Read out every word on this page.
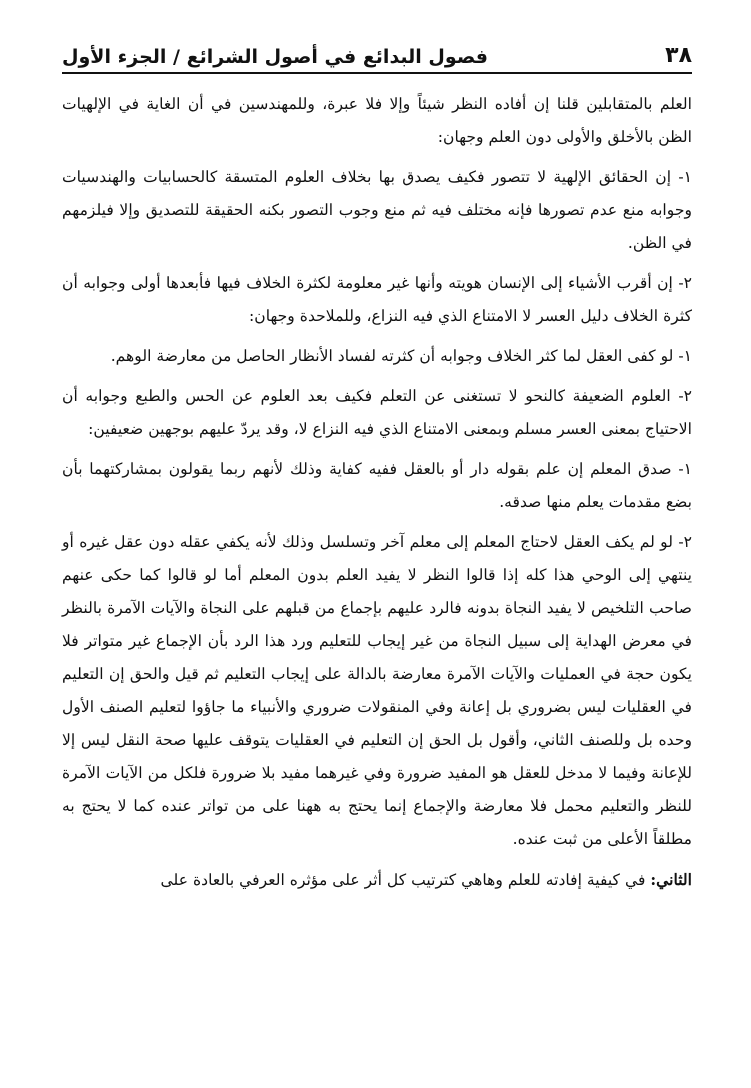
٣٨
فصول البدائع في أصول الشرائع / الجزء الأول

العلم بالمتقابلين قلنا إن أفاده النظر شيئاً وإلا فلا عبرة، وللمهندسين في أن الغاية في الإلهيات الظن بالأخلق والأولى دون العلم وجهان:

١- إن الحقائق الإلهية لا تتصور فكيف يصدق بها بخلاف العلوم المتسقة كالحسابيات والهندسيات وجوابه منع عدم تصورها فإنه مختلف فيه ثم منع وجوب التصور بكنه الحقيقة للتصديق وإلا فيلزمهم في الظن.

٢- إن أقرب الأشياء إلى الإنسان هويته وأنها غير معلومة لكثرة الخلاف فيها فأبعدها أولى وجوابه أن كثرة الخلاف دليل العسر لا الامتناع الذي فيه النزاع، وللملاحدة وجهان:

١- لو كفى العقل لما كثر الخلاف وجوابه أن كثرته لفساد الأنظار الحاصل من معارضة الوهم.

٢- العلوم الضعيفة كالنحو لا تستغنى عن التعلم فكيف بعد العلوم عن الحس والطبع وجوابه أن الاحتياج بمعنى العسر مسلم وبمعنى الامتناع الذي فيه النزاع لا، وقد يردّ عليهم بوجهين ضعيفين:

١- صدق المعلم إن علم بقوله دار أو بالعقل ففيه كفاية وذلك لأنهم ربما يقولون بمشاركتهما بأن بضع مقدمات يعلم منها صدقه.

٢- لو لم يكف العقل لاحتاج المعلم إلى معلم آخر وتسلسل وذلك لأنه يكفي عقله دون عقل غيره أو ينتهي إلى الوحي هذا كله إذا قالوا النظر لا يفيد العلم بدون المعلم أما لو قالوا كما حكى عنهم صاحب التلخيص لا يفيد النجاة بدونه فالرد عليهم بإجماع من قبلهم على النجاة والآيات الآمرة بالنظر في معرض الهداية إلى سبيل النجاة من غير إيجاب للتعليم ورد هذا الرد بأن الإجماع غير متواتر فلا يكون حجة في العمليات والآيات الآمرة معارضة بالدالة على إيجاب التعليم ثم قيل والحق إن التعليم في العقليات ليس بضروري بل إعانة وفي المنقولات ضروري والأنبياء ما جاؤوا لتعليم الصنف الأول وحده بل وللصنف الثاني، وأقول بل الحق إن التعليم في العقليات يتوقف عليها صحة النقل ليس إلا للإعانة وفيما لا مدخل للعقل هو المفيد ضرورة وفي غيرهما مفيد بلا ضرورة فلكل من الآيات الآمرة للنظر والتعليم محمل فلا معارضة والإجماع إنما يحتج به ههنا على من تواتر عنده كما لا يحتج به مطلقاً الأعلى من ثبت عنده.

الثاني: في كيفية إفادته للعلم وهاهي كترتيب كل أثر على مؤثره العرفي بالعادة على
